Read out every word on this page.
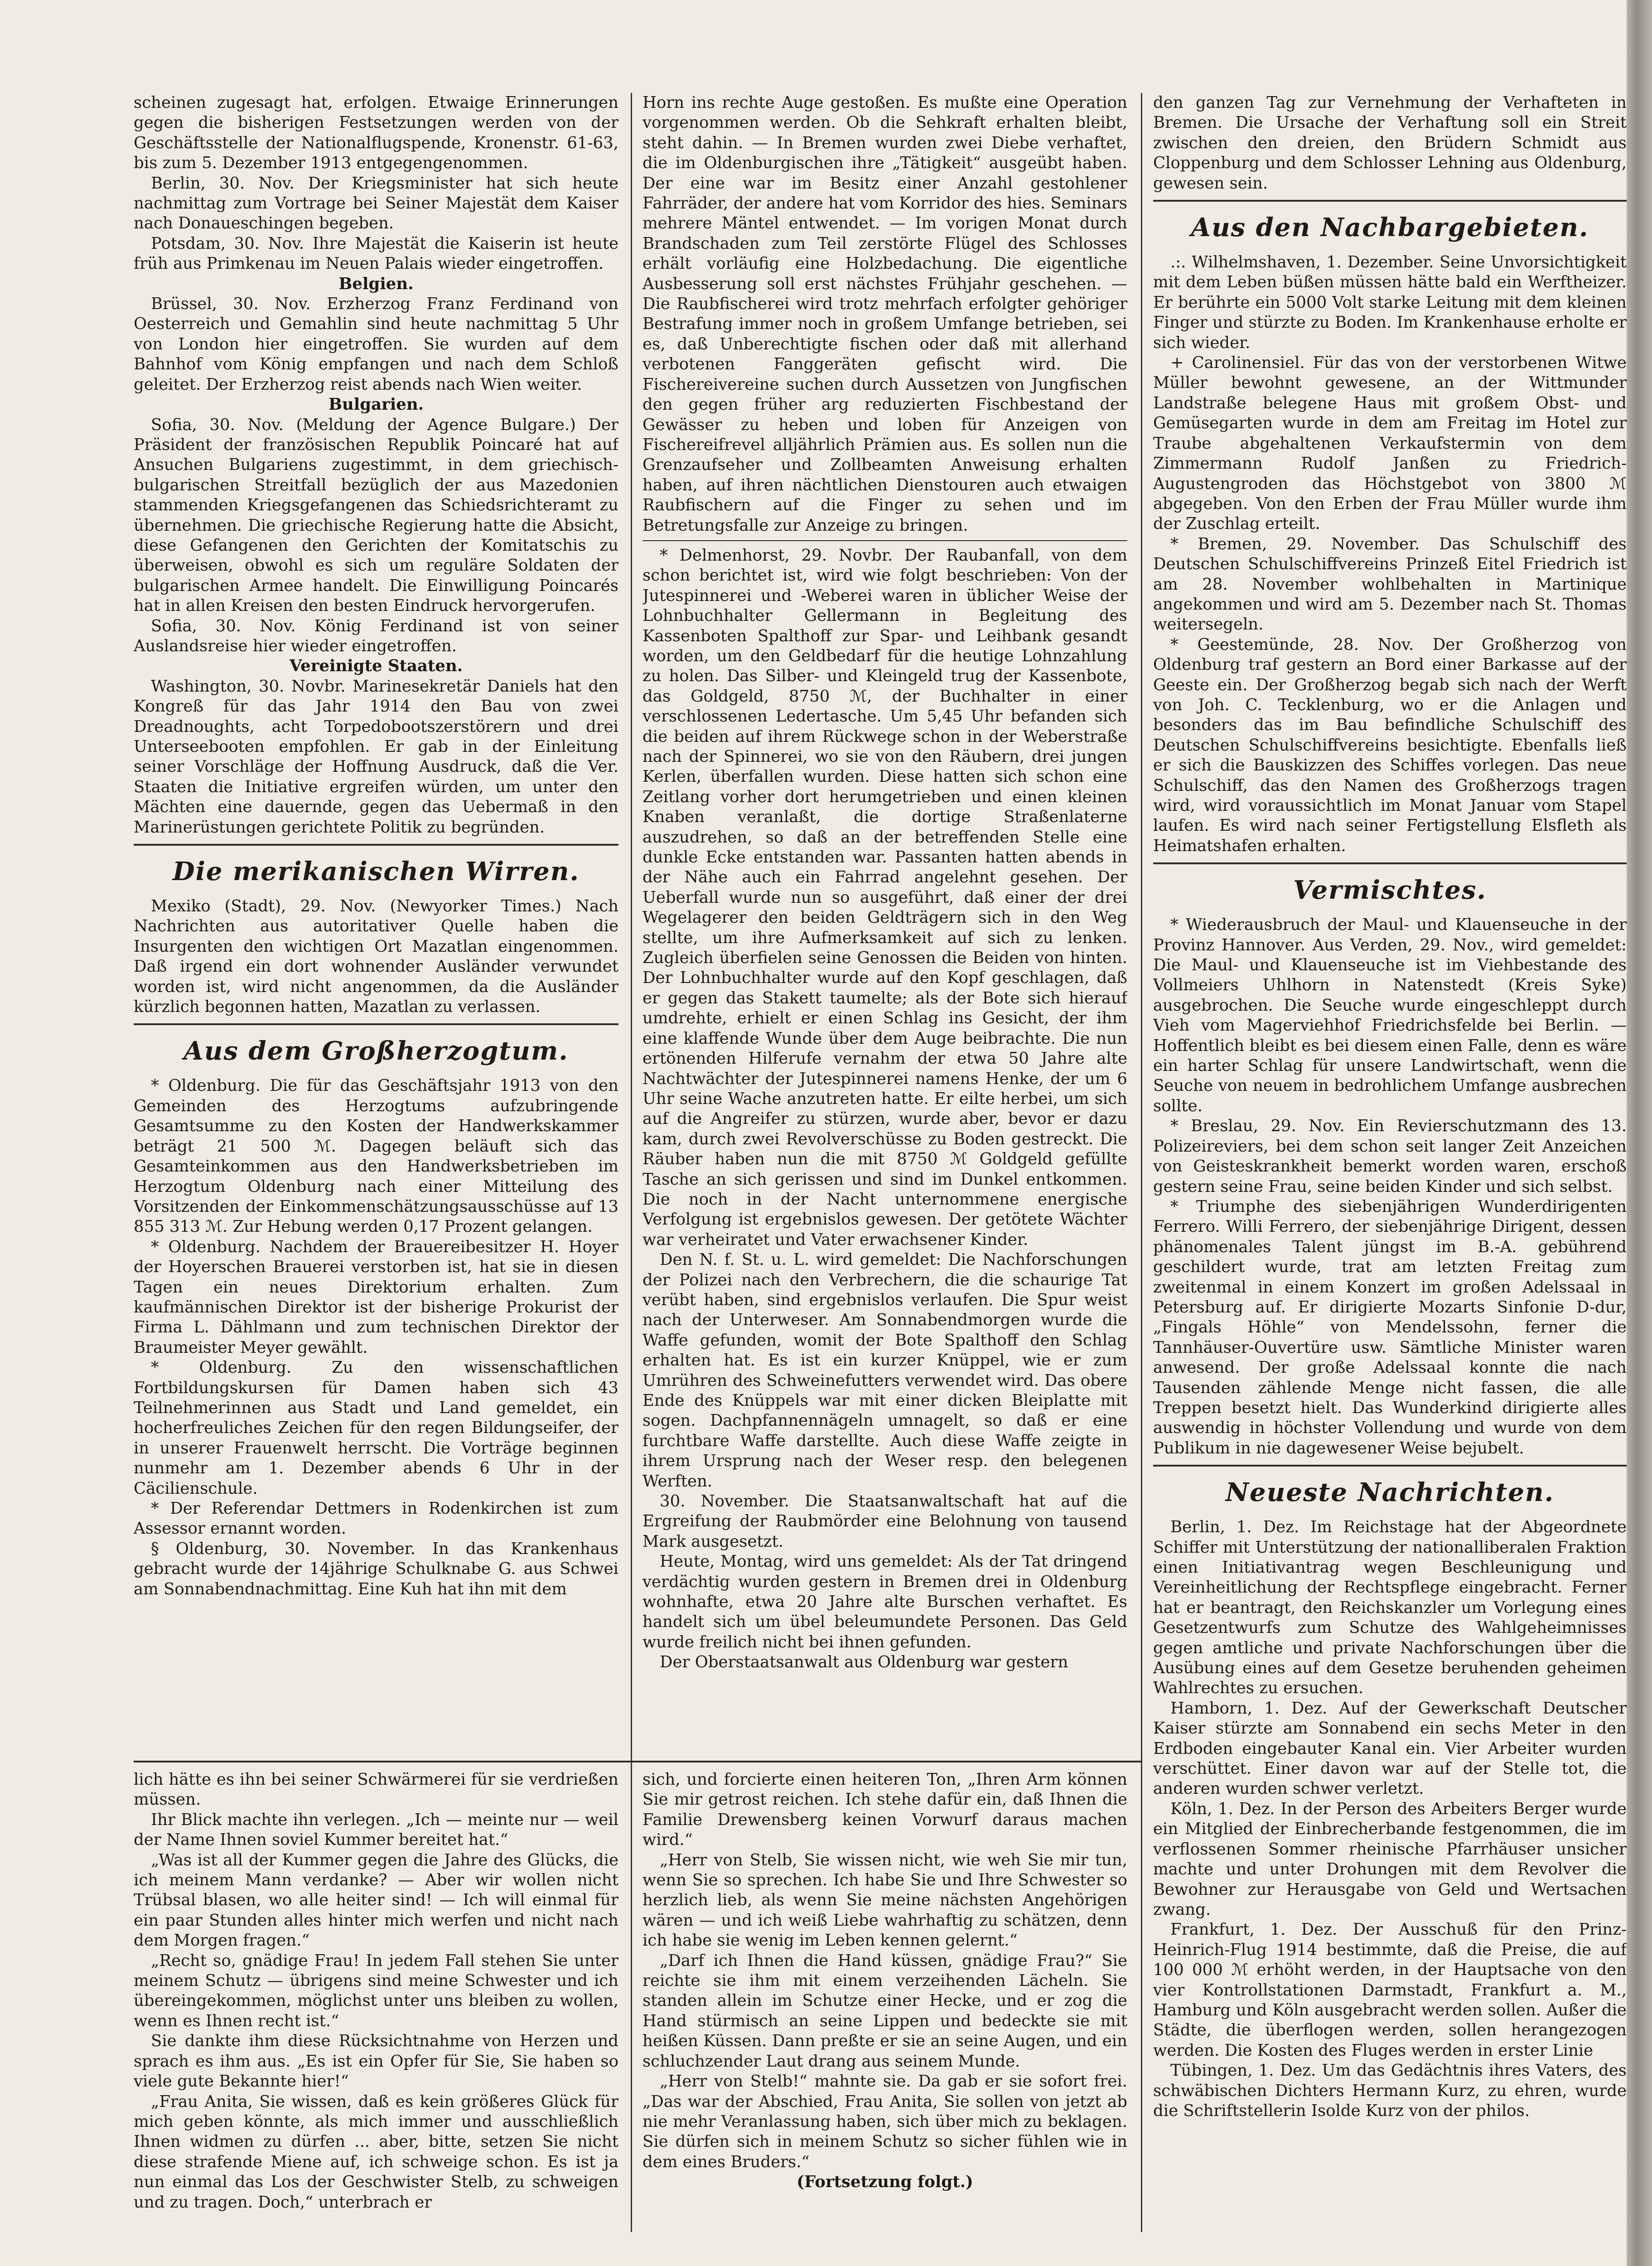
scheinen zugesagt hat, erfolgen. Etwaige Erinnerungen gegen die bisherigen Festsetzungen werden von der Geschäftsstelle der Nationalflugspende, Kronenstr. 61-63, bis zum 5. Dezember 1913 entgegengenommen.

Berlin, 30. Nov. Der Kriegsminister hat sich heute nachmittag zum Vortrage bei Seiner Majestät dem Kaiser nach Donaueschingen begeben.

Potsdam, 30. Nov. Ihre Majestät die Kaiserin ist heute früh aus Primkenau im Neuen Palais wieder eingetroffen.

Belgien.

Brüssel, 30. Nov. Erzherzog Franz Ferdinand von Oesterreich und Gemahlin sind heute nachmittag 5 Uhr von London hier eingetroffen. Sie wurden auf dem Bahnhof vom König empfangen und nach dem Schloß geleitet. Der Erzherzog reist abends nach Wien weiter.

Bulgarien.

Sofia, 30. Nov. (Meldung der Agence Bulgare.) Der Präsident der französischen Republik Poincaré hat auf Ansuchen Bulgariens zugestimmt, in dem griechisch-bulgarischen Streitfall bezüglich der aus Mazedonien stammenden Kriegsgefangenen das Schiedsrichteramt zu übernehmen. Die griechische Regierung hatte die Absicht, diese Gefangenen den Gerichten der Komitatschis zu überweisen, obwohl es sich um reguläre Soldaten der bulgarischen Armee handelt. Die Einwilligung Poincarés hat in allen Kreisen den besten Eindruck hervorgerufen.

Sofia, 30. Nov. König Ferdinand ist von seiner Auslandsreise hier wieder eingetroffen.

Vereinigte Staaten.

Washington, 30. Novbr. Marinesekretär Daniels hat den Kongreß für das Jahr 1914 den Bau von zwei Dreadnoughts, acht Torpedobootszerstörern und drei Unterseebooten empfohlen. Er gab in der Einleitung seiner Vorschläge der Hoffnung Ausdruck, daß die Ver. Staaten die Initiative ergreifen würden, um unter den Mächten eine dauernde, gegen das Uebermaß in den Marinerüstungen gerichtete Politik zu begründen.

Die merikanischen Wirren.

Mexiko (Stadt), 29. Nov. (Newyorker Times.) Nach Nachrichten aus autoritativer Quelle haben die Insurgenten den wichtigen Ort Mazatlan eingenommen. Daß irgend ein dort wohnender Ausländer verwundet worden ist, wird nicht angenommen, da die Ausländer kürzlich begonnen hatten, Mazatlan zu verlassen.

Aus dem Großherzogtum.

* Oldenburg. Die für das Geschäftsjahr 1913 von den Gemeinden des Herzogtums aufzubringende Gesamtsumme zu den Kosten der Handwerkskammer beträgt 21 500 ℳ. Dagegen beläuft sich das Gesamteinkommen aus den Handwerksbetrieben im Herzogtum Oldenburg nach einer Mitteilung des Vorsitzenden der Einkommenschätzungsausschüsse auf 13 855 313 ℳ. Zur Hebung werden 0,17 Prozent gelangen.

* Oldenburg. Nachdem der Brauereibesitzer H. Hoyer der Hoyerschen Brauerei verstorben ist, hat sie in diesen Tagen ein neues Direktorium erhalten. Zum kaufmännischen Direktor ist der bisherige Prokurist der Firma L. Dählmann und zum technischen Direktor der Braumeister Meyer gewählt.

* Oldenburg. Zu den wissenschaftlichen Fortbildungskursen für Damen haben sich 43 Teilnehmerinnen aus Stadt und Land gemeldet, ein hocherfreuliches Zeichen für den regen Bildungseifer, der in unserer Frauenwelt herrscht. Die Vorträge beginnen nunmehr am 1. Dezember abends 6 Uhr in der Cäcilienschule.

* Der Referendar Dettmers in Rodenkirchen ist zum Assessor ernannt worden.

§ Oldenburg, 30. November. In das Krankenhaus gebracht wurde der 14jährige Schulknabe G. aus Schwei am Sonnabendnachmittag. Eine Kuh hat ihn mit dem

Horn ins rechte Auge gestoßen. Es mußte eine Operation vorgenommen werden. Ob die Sehkraft erhalten bleibt, steht dahin. — In Bremen wurden zwei Diebe verhaftet, die im Oldenburgischen ihre „Tätigkeit“ ausgeübt haben. Der eine war im Besitz einer Anzahl gestohlener Fahrräder, der andere hat vom Korridor des hies. Seminars mehrere Mäntel entwendet. — Im vorigen Monat durch Brandschaden zum Teil zerstörte Flügel des Schlosses erhält vorläufig eine Holzbedachung. Die eigentliche Ausbesserung soll erst nächstes Frühjahr geschehen. — Die Raubfischerei wird trotz mehrfach erfolgter gehöriger Bestrafung immer noch in großem Umfange betrieben, sei es, daß Unberechtigte fischen oder daß mit allerhand verbotenen Fanggeräten gefischt wird. Die Fischereivereine suchen durch Aussetzen von Jungfischen den gegen früher arg reduzierten Fischbestand der Gewässer zu heben und loben für Anzeigen von Fischereifrevel alljährlich Prämien aus. Es sollen nun die Grenzaufseher und Zollbeamten Anweisung erhalten haben, auf ihren nächtlichen Dienstouren auch etwaigen Raubfischern auf die Finger zu sehen und im Betretungsfalle zur Anzeige zu bringen.

* Delmenhorst, 29. Novbr. Der Raubanfall, von dem schon berichtet ist, wird wie folgt beschrieben: Von der Jutespinnerei und -Weberei waren in üblicher Weise der Lohnbuchhalter Gellermann in Begleitung des Kassenboten Spalthoff zur Spar- und Leihbank gesandt worden, um den Geldbedarf für die heutige Lohnzahlung zu holen. Das Silber- und Kleingeld trug der Kassenbote, das Goldgeld, 8750 ℳ, der Buchhalter in einer verschlossenen Ledertasche. Um 5,45 Uhr befanden sich die beiden auf ihrem Rückwege schon in der Weberstraße nach der Spinnerei, wo sie von den Räubern, drei jungen Kerlen, überfallen wurden. Diese hatten sich schon eine Zeitlang vorher dort herumgetrieben und einen kleinen Knaben veranlaßt, die dortige Straßenlaterne auszudrehen, so daß an der betreffenden Stelle eine dunkle Ecke entstanden war. Passanten hatten abends in der Nähe auch ein Fahrrad angelehnt gesehen. Der Ueberfall wurde nun so ausgeführt, daß einer der drei Wegelagerer den beiden Geldträgern sich in den Weg stellte, um ihre Aufmerksamkeit auf sich zu lenken. Zugleich überfielen seine Genossen die Beiden von hinten. Der Lohnbuchhalter wurde auf den Kopf geschlagen, daß er gegen das Stakett taumelte; als der Bote sich hierauf umdrehte, erhielt er einen Schlag ins Gesicht, der ihm eine klaffende Wunde über dem Auge beibrachte. Die nun ertönenden Hilferufe vernahm der etwa 50 Jahre alte Nachtwächter der Jutespinnerei namens Henke, der um 6 Uhr seine Wache anzutreten hatte. Er eilte herbei, um sich auf die Angreifer zu stürzen, wurde aber, bevor er dazu kam, durch zwei Revolverschüsse zu Boden gestreckt. Die Räuber haben nun die mit 8750 ℳ Goldgeld gefüllte Tasche an sich gerissen und sind im Dunkel entkommen. Die noch in der Nacht unternommene energische Verfolgung ist ergebnislos gewesen. Der getötete Wächter war verheiratet und Vater erwachsener Kinder.

Den N. f. St. u. L. wird gemeldet: Die Nachforschungen der Polizei nach den Verbrechern, die die schaurige Tat verübt haben, sind ergebnislos verlaufen. Die Spur weist nach der Unterweser. Am Sonnabendmorgen wurde die Waffe gefunden, womit der Bote Spalthoff den Schlag erhalten hat. Es ist ein kurzer Knüppel, wie er zum Umrühren des Schweinefutters verwendet wird. Das obere Ende des Knüppels war mit einer dicken Bleiplatte mit sogen. Dachpfannennägeln umnagelt, so daß er eine furchtbare Waffe darstellte. Auch diese Waffe zeigte in ihrem Ursprung nach der Weser resp. den belegenen Werften.

30. November. Die Staatsanwaltschaft hat auf die Ergreifung der Raubmörder eine Belohnung von tausend Mark ausgesetzt.

Heute, Montag, wird uns gemeldet: Als der Tat dringend verdächtig wurden gestern in Bremen drei in Oldenburg wohnhafte, etwa 20 Jahre alte Burschen verhaftet. Es handelt sich um übel beleumundete Personen. Das Geld wurde freilich nicht bei ihnen gefunden.

Der Oberstaatsanwalt aus Oldenburg war gestern

den ganzen Tag zur Vernehmung der Verhafteten in Bremen. Die Ursache der Verhaftung soll ein Streit zwischen den dreien, den Brüdern Schmidt aus Cloppenburg und dem Schlosser Lehning aus Oldenburg, gewesen sein.

Aus den Nachbargebieten.

.:. Wilhelmshaven, 1. Dezember. Seine Unvorsichtigkeit mit dem Leben büßen müssen hätte bald ein Werftheizer. Er berührte ein 5000 Volt starke Leitung mit dem kleinen Finger und stürzte zu Boden. Im Krankenhause erholte er sich wieder.

+ Carolinensiel. Für das von der verstorbenen Witwe Müller bewohnt gewesene, an der Wittmunder Landstraße belegene Haus mit großem Obst- und Gemüsegarten wurde in dem am Freitag im Hotel zur Traube abgehaltenen Verkaufstermin von dem Zimmermann Rudolf Janßen zu Friedrich-Augustengroden das Höchstgebot von 3800 ℳ abgegeben. Von den Erben der Frau Müller wurde ihm der Zuschlag erteilt.

* Bremen, 29. November. Das Schulschiff des Deutschen Schulschiffvereins Prinzeß Eitel Friedrich ist am 28. November wohlbehalten in Martinique angekommen und wird am 5. Dezember nach St. Thomas weitersegeln.

* Geestemünde, 28. Nov. Der Großherzog von Oldenburg traf gestern an Bord einer Barkasse auf der Geeste ein. Der Großherzog begab sich nach der Werft von Joh. C. Tecklenburg, wo er die Anlagen und besonders das im Bau befindliche Schulschiff des Deutschen Schulschiffvereins besichtigte. Ebenfalls ließ er sich die Bauskizzen des Schiffes vorlegen. Das neue Schulschiff, das den Namen des Großherzogs tragen wird, wird voraussichtlich im Monat Januar vom Stapel laufen. Es wird nach seiner Fertigstellung Elsfleth als Heimatshafen erhalten.

Vermischtes.

* Wiederausbruch der Maul- und Klauenseuche in der Provinz Hannover. Aus Verden, 29. Nov., wird gemeldet: Die Maul- und Klauenseuche ist im Viehbestande des Vollmeiers Uhlhorn in Natenstedt (Kreis Syke) ausgebrochen. Die Seuche wurde eingeschleppt durch Vieh vom Magerviehhof Friedrichsfelde bei Berlin. — Hoffentlich bleibt es bei diesem einen Falle, denn es wäre ein harter Schlag für unsere Landwirtschaft, wenn die Seuche von neuem in bedrohlichem Umfange ausbrechen sollte.

* Breslau, 29. Nov. Ein Revierschutzmann des 13. Polizeireviers, bei dem schon seit langer Zeit Anzeichen von Geisteskrankheit bemerkt worden waren, erschoß gestern seine Frau, seine beiden Kinder und sich selbst.

* Triumphe des siebenjährigen Wunderdirigenten Ferrero. Willi Ferrero, der siebenjährige Dirigent, dessen phänomenales Talent jüngst im B.-A. gebührend geschildert wurde, trat am letzten Freitag zum zweitenmal in einem Konzert im großen Adelssaal in Petersburg auf. Er dirigierte Mozarts Sinfonie D-dur, „Fingals Höhle“ von Mendelssohn, ferner die Tannhäuser-Ouvertüre usw. Sämtliche Minister waren anwesend. Der große Adelssaal konnte die nach Tausenden zählende Menge nicht fassen, die alle Treppen besetzt hielt. Das Wunderkind dirigierte alles auswendig in höchster Vollendung und wurde von dem Publikum in nie dagewesener Weise bejubelt.

Neueste Nachrichten.

Berlin, 1. Dez. Im Reichstage hat der Abgeordnete Schiffer mit Unterstützung der nationalliberalen Fraktion einen Initiativantrag wegen Beschleunigung und Vereinheitlichung der Rechtspflege eingebracht. Ferner hat er beantragt, den Reichskanzler um Vorlegung eines Gesetzentwurfs zum Schutze des Wahlgeheimnisses gegen amtliche und private Nachforschungen über die Ausübung eines auf dem Gesetze beruhenden geheimen Wahlrechtes zu ersuchen.

Hamborn, 1. Dez. Auf der Gewerkschaft Deutscher Kaiser stürzte am Sonnabend ein sechs Meter in den Erdboden eingebauter Kanal ein. Vier Arbeiter wurden verschüttet. Einer davon war auf der Stelle tot, die anderen wurden schwer verletzt.

Köln, 1. Dez. In der Person des Arbeiters Berger wurde ein Mitglied der Einbrecherbande festgenommen, die im verflossenen Sommer rheinische Pfarrhäuser unsicher machte und unter Drohungen mit dem Revolver die Bewohner zur Herausgabe von Geld und Wertsachen zwang.

Frankfurt, 1. Dez. Der Ausschuß für den Prinz-Heinrich-Flug 1914 bestimmte, daß die Preise, die auf 100 000 ℳ erhöht werden, in der Hauptsache von den vier Kontrollstationen Darmstadt, Frankfurt a. M., Hamburg und Köln ausgebracht werden sollen. Außer die Städte, die überflogen werden, sollen herangezogen werden. Die Kosten des Fluges werden in erster Linie

Tübingen, 1. Dez. Um das Gedächtnis ihres Vaters, des schwäbischen Dichters Hermann Kurz, zu ehren, wurde die Schriftstellerin Isolde Kurz von der philos.

lich hätte es ihn bei seiner Schwärmerei für sie verdrießen müssen.

Ihr Blick machte ihn verlegen. „Ich — meinte nur — weil der Name Ihnen soviel Kummer bereitet hat.“

„Was ist all der Kummer gegen die Jahre des Glücks, die ich meinem Mann verdanke? — Aber wir wollen nicht Trübsal blasen, wo alle heiter sind! — Ich will einmal für ein paar Stunden alles hinter mich werfen und nicht nach dem Morgen fragen.“

„Recht so, gnädige Frau! In jedem Fall stehen Sie unter meinem Schutz — übrigens sind meine Schwester und ich übereingekommen, möglichst unter uns bleiben zu wollen, wenn es Ihnen recht ist.“

Sie dankte ihm diese Rücksichtnahme von Herzen und sprach es ihm aus. „Es ist ein Opfer für Sie, Sie haben so viele gute Bekannte hier!“

„Frau Anita, Sie wissen, daß es kein größeres Glück für mich geben könnte, als mich immer und ausschließlich Ihnen widmen zu dürfen ... aber, bitte, setzen Sie nicht diese strafende Miene auf, ich schweige schon. Es ist ja nun einmal das Los der Geschwister Stelb, zu schweigen und zu tragen. Doch,“ unterbrach er

sich, und forcierte einen heiteren Ton, „Ihren Arm können Sie mir getrost reichen. Ich stehe dafür ein, daß Ihnen die Familie Drewensberg keinen Vorwurf daraus machen wird.“

„Herr von Stelb, Sie wissen nicht, wie weh Sie mir tun, wenn Sie so sprechen. Ich habe Sie und Ihre Schwester so herzlich lieb, als wenn Sie meine nächsten Angehörigen wären — und ich weiß Liebe wahrhaftig zu schätzen, denn ich habe sie wenig im Leben kennen gelernt.“

„Darf ich Ihnen die Hand küssen, gnädige Frau?“ Sie reichte sie ihm mit einem verzeihenden Lächeln. Sie standen allein im Schutze einer Hecke, und er zog die Hand stürmisch an seine Lippen und bedeckte sie mit heißen Küssen. Dann preßte er sie an seine Augen, und ein schluchzender Laut drang aus seinem Munde.

„Herr von Stelb!“ mahnte sie. Da gab er sie sofort frei. „Das war der Abschied, Frau Anita, Sie sollen von jetzt ab nie mehr Veranlassung haben, sich über mich zu beklagen. Sie dürfen sich in meinem Schutz so sicher fühlen wie in dem eines Bruders.“

(Fortsetzung folgt.)
